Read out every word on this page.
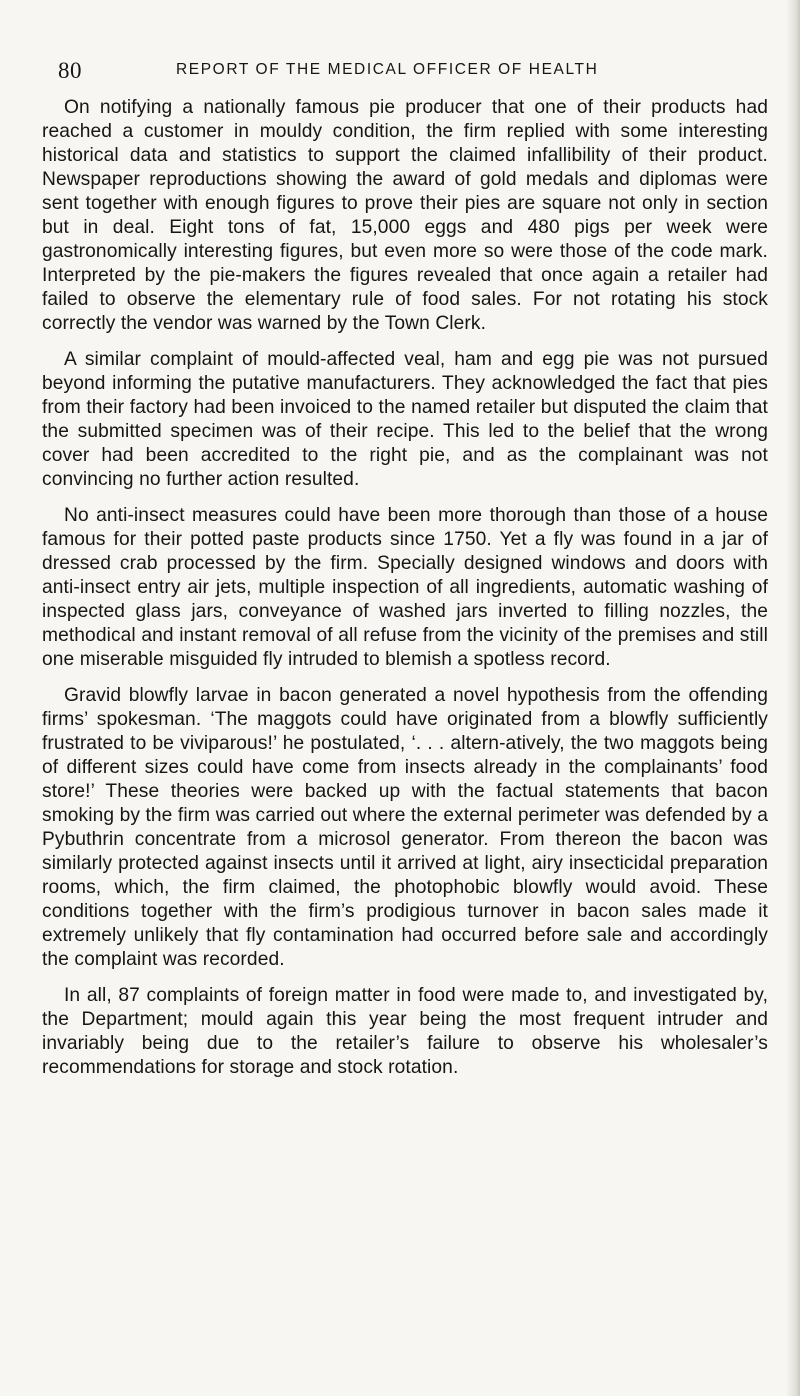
80	REPORT OF THE MEDICAL OFFICER OF HEALTH

On notifying a nationally famous pie producer that one of their products had reached a customer in mouldy condition, the firm replied with some interesting historical data and statistics to support the claimed infallibility of their product. Newspaper reproductions showing the award of gold medals and diplomas were sent together with enough figures to prove their pies are square not only in section but in deal. Eight tons of fat, 15,000 eggs and 480 pigs per week were gastronomically interesting figures, but even more so were those of the code mark. Interpreted by the pie-makers the figures revealed that once again a retailer had failed to observe the elementary rule of food sales. For not rotating his stock correctly the vendor was warned by the Town Clerk.

A similar complaint of mould-affected veal, ham and egg pie was not pursued beyond informing the putative manufacturers. They acknowledged the fact that pies from their factory had been invoiced to the named retailer but disputed the claim that the submitted specimen was of their recipe. This led to the belief that the wrong cover had been accredited to the right pie, and as the complainant was not convincing no further action resulted.

No anti-insect measures could have been more thorough than those of a house famous for their potted paste products since 1750. Yet a fly was found in a jar of dressed crab processed by the firm. Specially designed windows and doors with anti-insect entry air jets, multiple inspection of all ingredients, automatic washing of inspected glass jars, conveyance of washed jars inverted to filling nozzles, the methodical and instant removal of all refuse from the vicinity of the premises and still one miserable misguided fly intruded to blemish a spotless record.

Gravid blowfly larvae in bacon generated a novel hypothesis from the offending firms’ spokesman. ‘The maggots could have originated from a blowfly sufficiently frustrated to be viviparous!’ he postulated, ‘. . . altern-atively, the two maggots being of different sizes could have come from insects already in the complainants’ food store!’ These theories were backed up with the factual statements that bacon smoking by the firm was carried out where the external perimeter was defended by a Pybuthrin concentrate from a microsol generator. From thereon the bacon was similarly protected against insects until it arrived at light, airy insecticidal preparation rooms, which, the firm claimed, the photophobic blowfly would avoid. These conditions together with the firm’s prodigious turnover in bacon sales made it extremely unlikely that fly contamination had occurred before sale and accordingly the complaint was recorded.

In all, 87 complaints of foreign matter in food were made to, and investigated by, the Department; mould again this year being the most frequent intruder and invariably being due to the retailer’s failure to observe his wholesaler’s recommendations for storage and stock rotation.
